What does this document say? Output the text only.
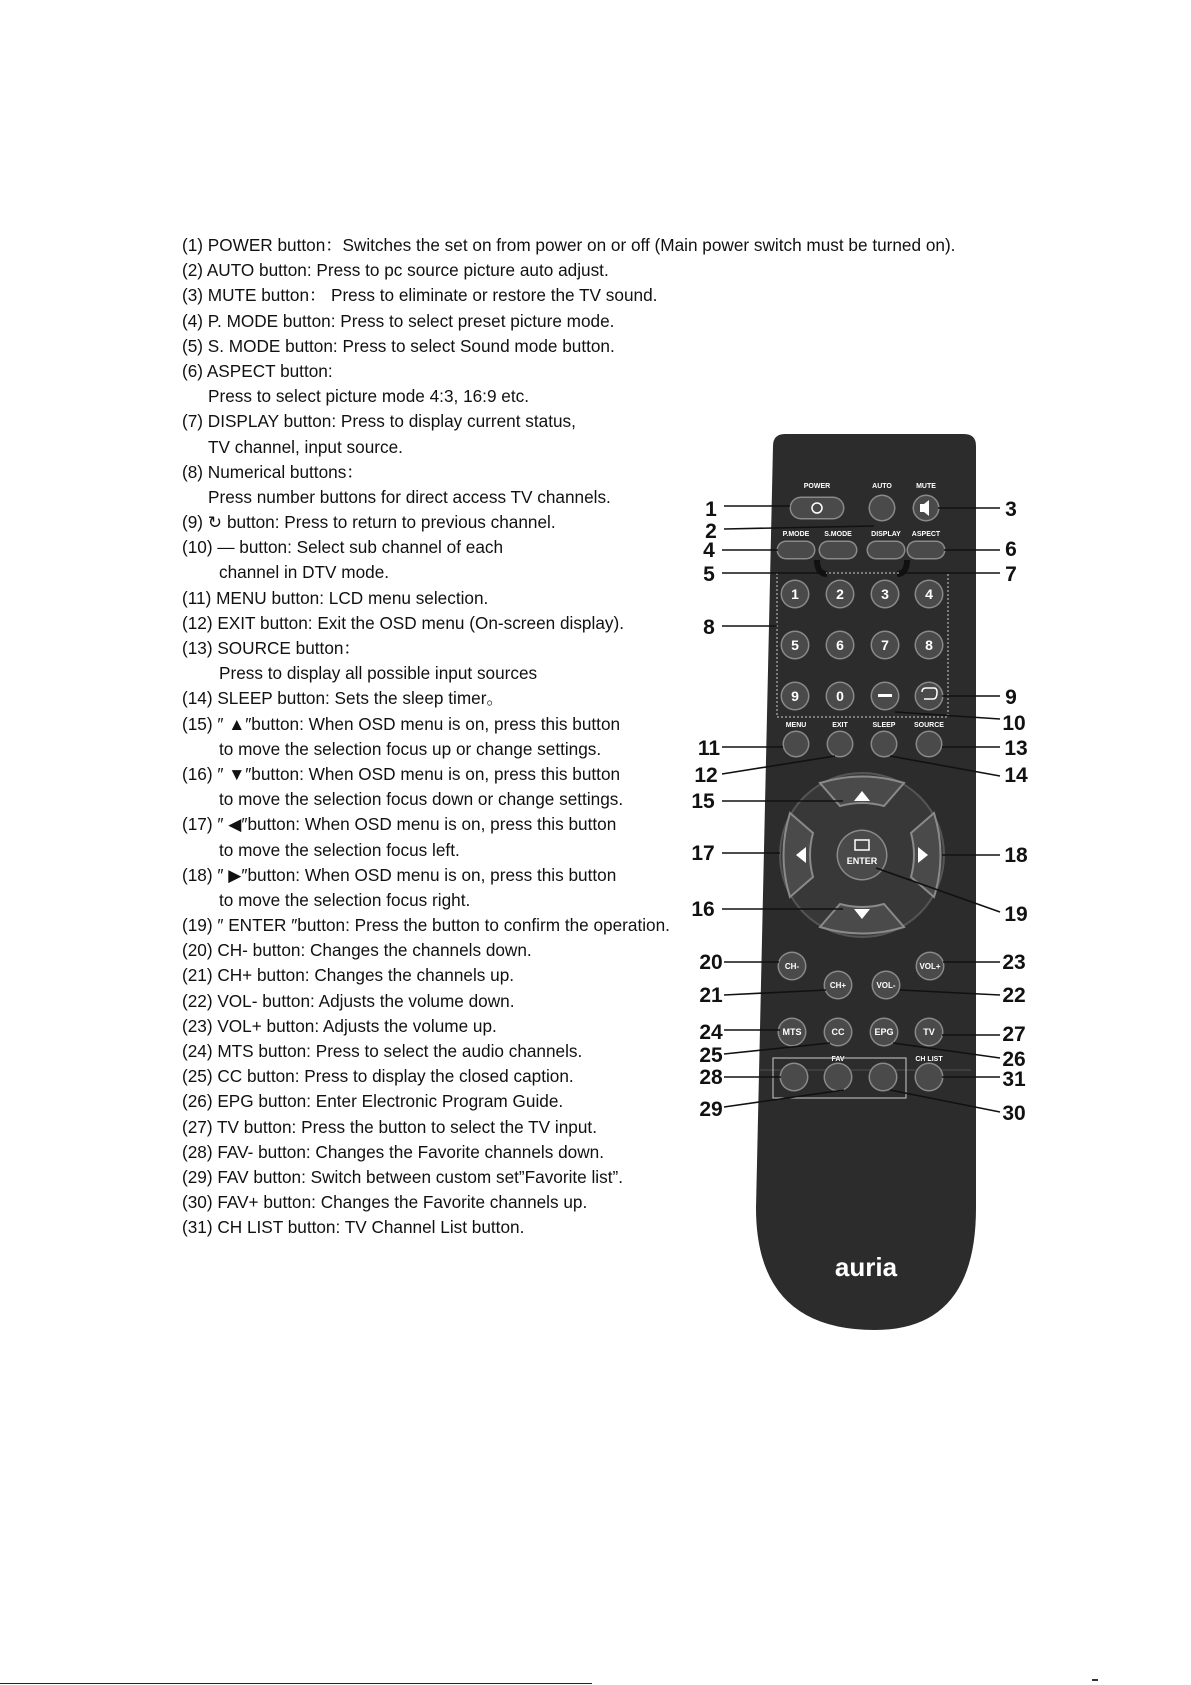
(1) POWER button：Switches the set on from power on or off (Main power switch must be turned on).
(2) AUTO button: Press to pc source picture auto adjust.
(3) MUTE button： Press to eliminate or restore the TV sound.
(4) P. MODE button: Press to select preset picture mode.
(5) S. MODE button: Press to select Sound mode button.
(6) ASPECT button:
Press to select picture mode 4:3, 16:9 etc.
(7) DISPLAY button: Press to display current status,
TV channel, input source.
(8) Numerical buttons：
Press number buttons for direct access TV channels.
(9) ↻ button: Press to return to previous channel.
(10) — button: Select sub channel of each
channel in DTV mode.
(11) MENU button: LCD menu selection.
(12) EXIT button: Exit the OSD menu (On-screen display).
(13) SOURCE button：
Press to display all possible input sources
(14) SLEEP button: Sets the sleep timer。
(15) ″ ▲″button: When OSD menu is on, press this button
to move the selection focus up or change settings.
(16) ″ ▼″button: When OSD menu is on, press this button
to move the selection focus down or change settings.
(17) ″ ◀″button: When OSD menu is on, press this button
to move the selection focus left.
(18) ″ ▶″button: When OSD menu is on, press this button
to move the selection focus right.
(19) ″ ENTER ″button: Press the button to confirm the operation.
(20) CH- button: Changes the channels down.
(21) CH+ button: Changes the channels up.
(22) VOL- button: Adjusts the volume down.
(23) VOL+ button: Adjusts the volume up.
(24) MTS button: Press to select the audio channels.
(25) CC button: Press to display the closed caption.
(26) EPG button: Enter Electronic Program Guide.
(27) TV button: Press the button to select the TV input.
(28) FAV- button: Changes the Favorite channels down.
(29) FAV button: Switch between custom set”Favorite list”.
(30) FAV+ button: Changes the Favorite channels up.
(31) CH LIST button: TV Channel List button.
POWER	AUTO	MUTE
P.MODE S.MODE	DISPLAY ASPECT
1	2	3	4
5	6	7	8
9	0
MENU	EXIT	SLEEP	SOURCE
ENTER
CH-
CH+	VOL-
VOL+
MTS	CC	EPG	TV
FAV	CH LIST
auria
1
2
3
4
5
6
7
8
9
10
11
12
13
14
15
16
17	18
19
20
21	22
23
24
25	26
27
28
29	30
31
